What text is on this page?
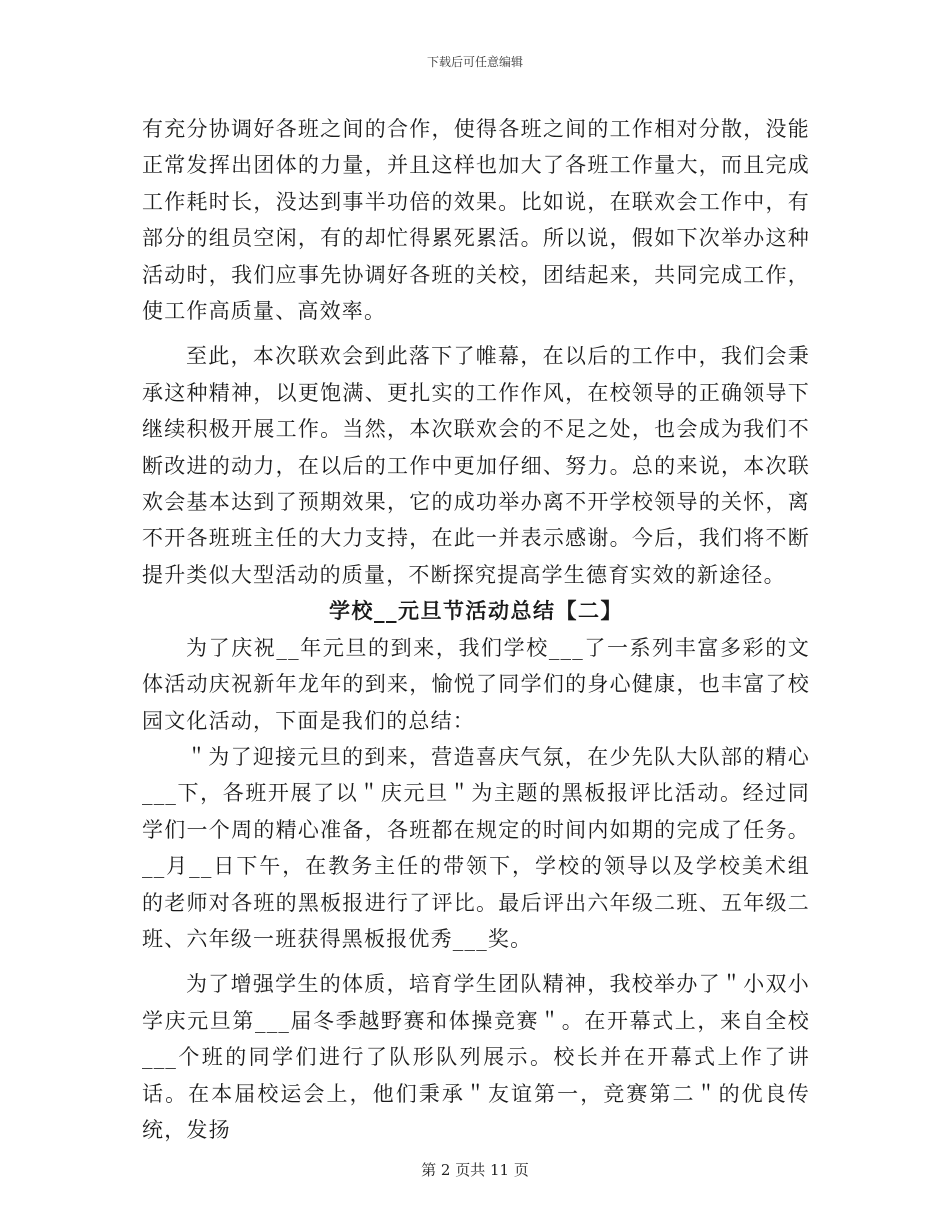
下载后可任意编辑

有充分协调好各班之间的合作，使得各班之间的工作相对分散，没能正常发挥出团体的力量，并且这样也加大了各班工作量大，而且完成工作耗时长，没达到事半功倍的效果。比如说，在联欢会工作中，有部分的组员空闲，有的却忙得累死累活。所以说，假如下次举办这种活动时，我们应事先协调好各班的关校，团结起来，共同完成工作，使工作高质量、高效率。

至此，本次联欢会到此落下了帷幕，在以后的工作中，我们会秉承这种精神，以更饱满、更扎实的工作作风，在校领导的正确领导下继续积极开展工作。当然，本次联欢会的不足之处，也会成为我们不断改进的动力，在以后的工作中更加仔细、努力。总的来说，本次联欢会基本达到了预期效果，它的成功举办离不开学校领导的关怀，离不开各班班主任的大力支持，在此一并表示感谢。今后，我们将不断提升类似大型活动的质量，不断探究提高学生德育实效的新途径。

学校__元旦节活动总结【二】

为了庆祝__年元旦的到来，我们学校___了一系列丰富多彩的文体活动庆祝新年龙年的到来，愉悦了同学们的身心健康，也丰富了校园文化活动，下面是我们的总结：

＂为了迎接元旦的到来，营造喜庆气氛，在少先队大队部的精心___下，各班开展了以＂庆元旦＂为主题的黑板报评比活动。经过同学们一个周的精心准备，各班都在规定的时间内如期的完成了任务。__月__日下午，在教务主任的带领下，学校的领导以及学校美术组的老师对各班的黑板报进行了评比。最后评出六年级二班、五年级二班、六年级一班获得黑板报优秀___奖。

为了增强学生的体质，培育学生团队精神，我校举办了＂小双小学庆元旦第___届冬季越野赛和体操竞赛＂。在开幕式上，来自全校___个班的同学们进行了队形队列展示。校长并在开幕式上作了讲话。在本届校运会上，他们秉承＂友谊第一，竞赛第二＂的优良传统，发扬

第 2 页共 11 页
